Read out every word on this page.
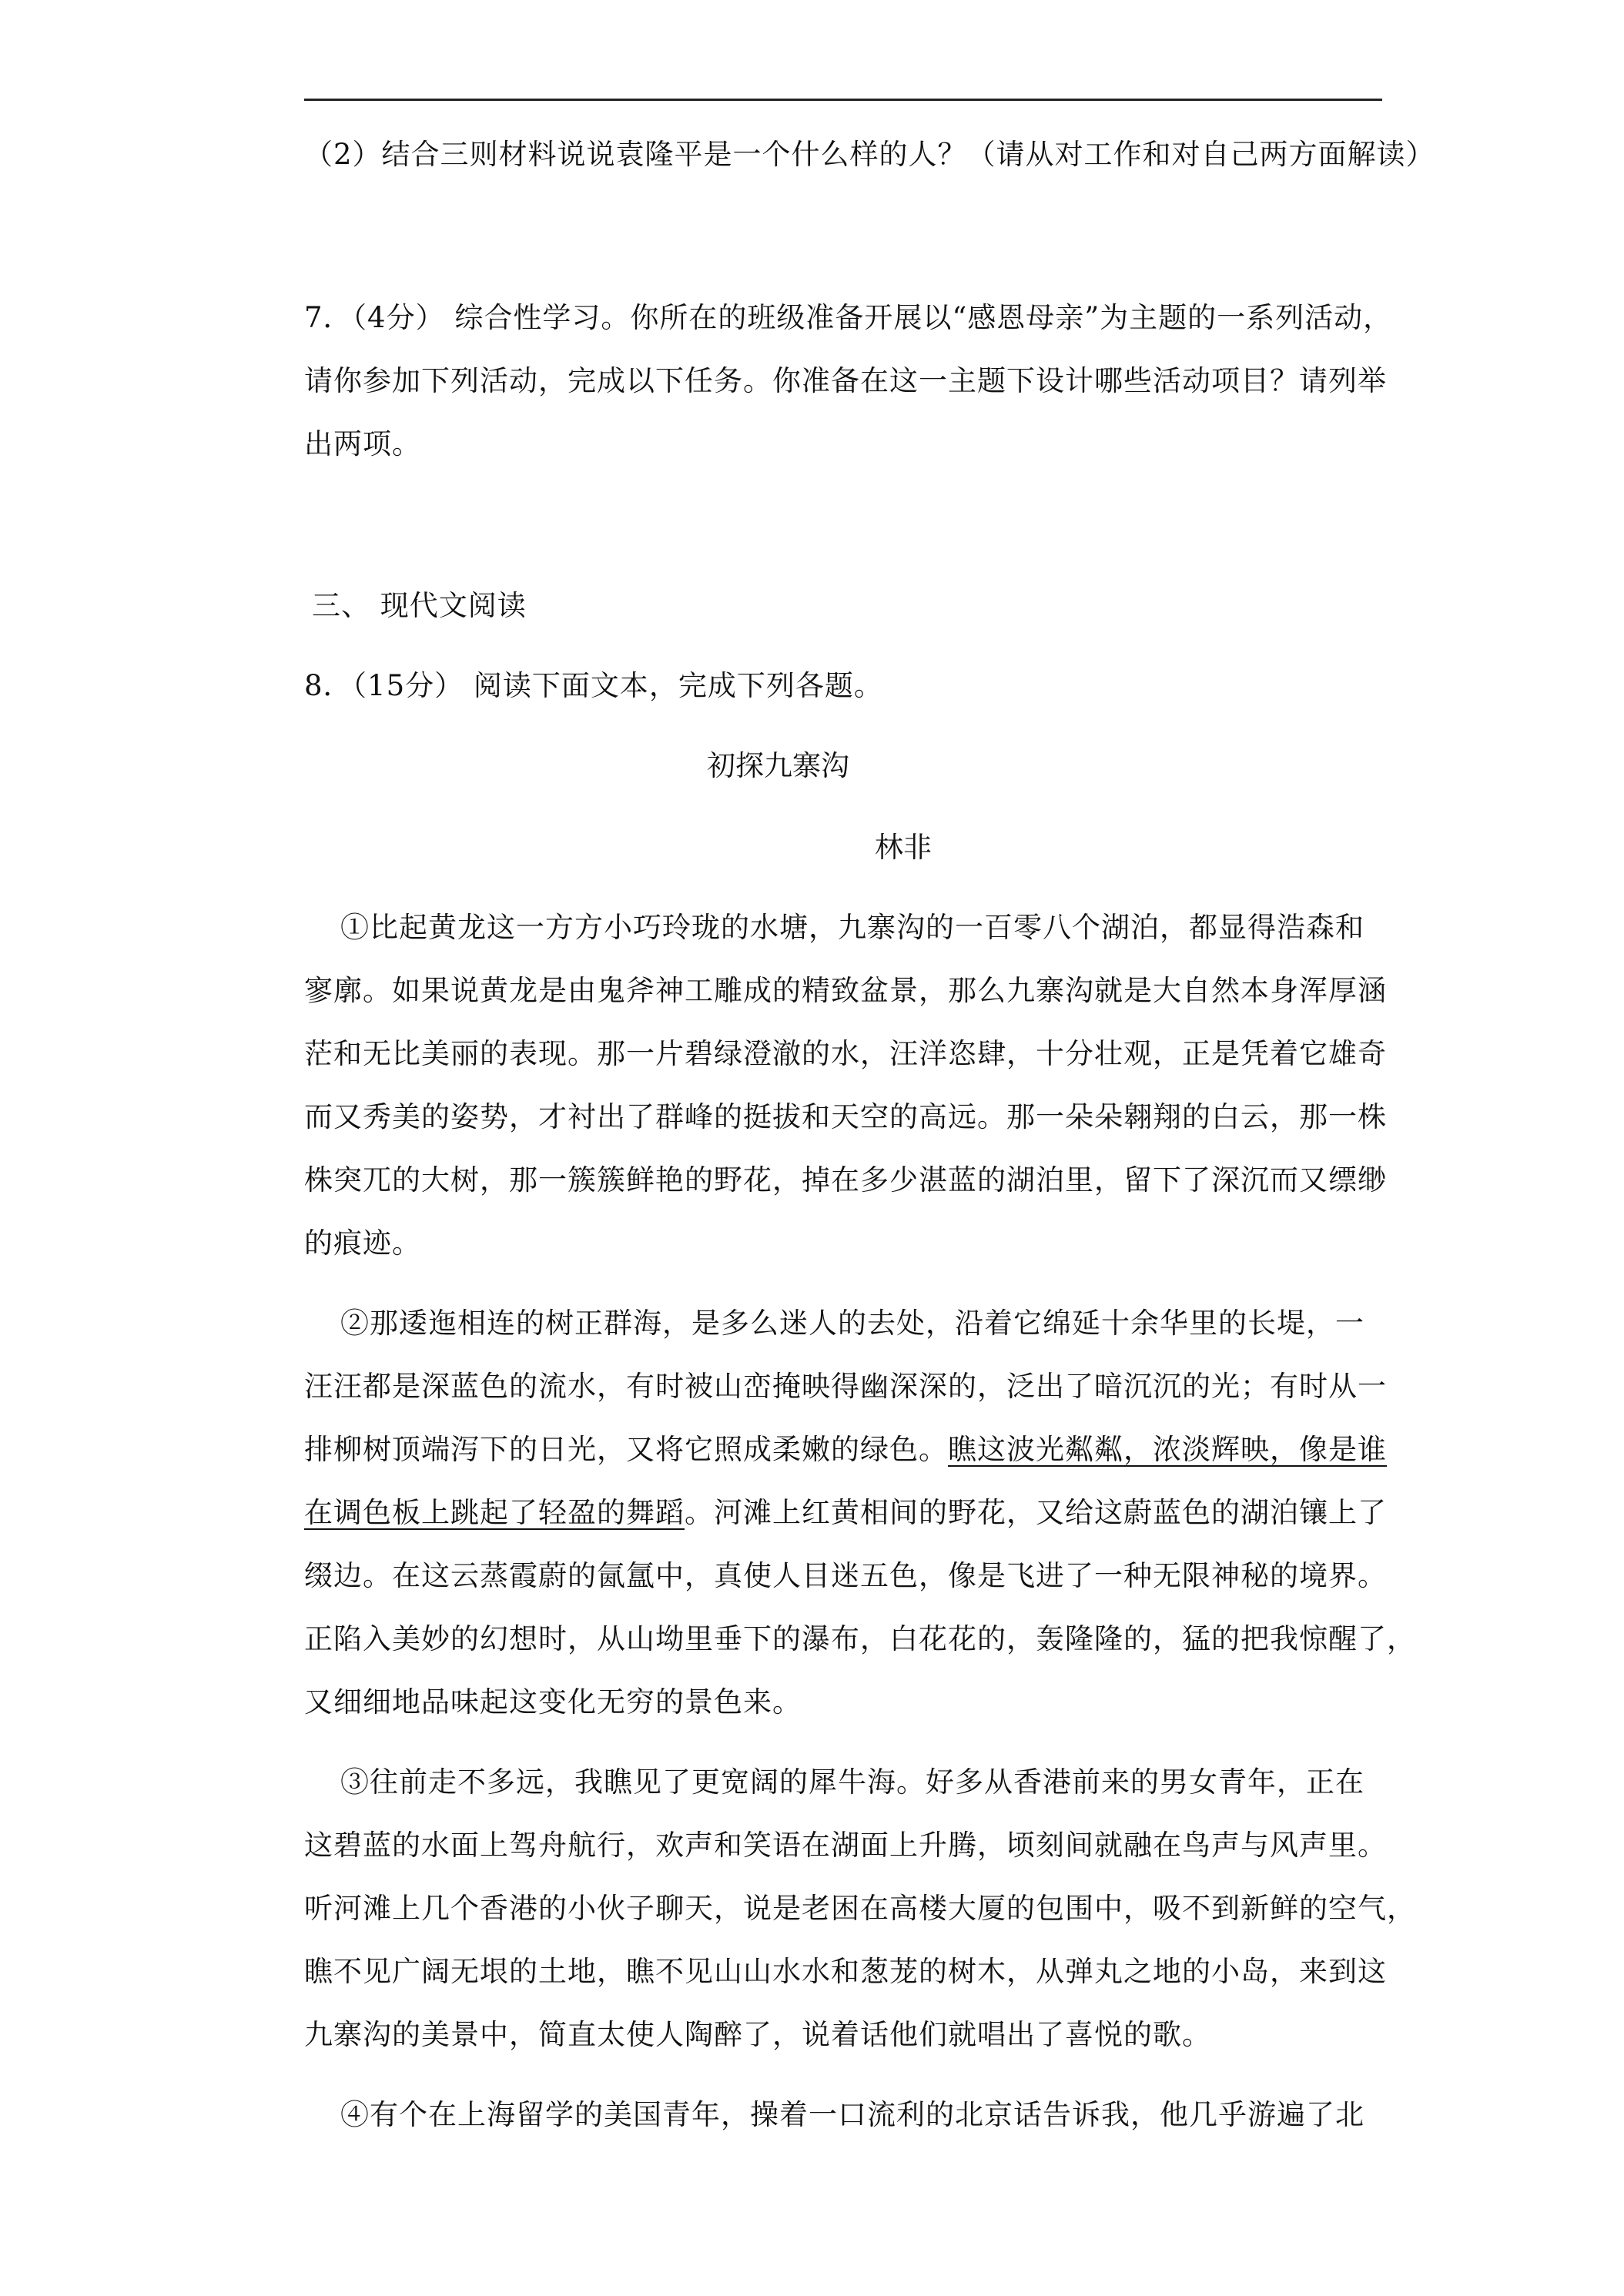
（2）结合三则材料说说袁隆平是一个什么样的人？（请从对工作和对自己两方面解读）
7．（4分） 综合性学习。你所在的班级准备开展以“感恩母亲”为主题的一系列活动，
请你参加下列活动，完成以下任务。你准备在这一主题下设计哪些活动项目？请列举
出两项。
三、 现代文阅读
8．（15分） 阅读下面文本，完成下列各题。
初探九寨沟
林非
①比起黄龙这一方方小巧玲珑的水塘，九寨沟的一百零八个湖泊，都显得浩森和
寥廓。如果说黄龙是由鬼斧神工雕成的精致盆景，那么九寨沟就是大自然本身浑厚涵
茫和无比美丽的表现。那一片碧绿澄澈的水，汪洋恣肆，十分壮观，正是凭着它雄奇
而又秀美的姿势，才衬出了群峰的挺拔和天空的高远。那一朵朵翱翔的白云，那一株
株突兀的大树，那一簇簇鲜艳的野花，掉在多少湛蓝的湖泊里，留下了深沉而又缥缈
的痕迹。
②那逶迤相连的树正群海，是多么迷人的去处，沿着它绵延十余华里的长堤，一
汪汪都是深蓝色的流水，有时被山峦掩映得幽深深的，泛出了暗沉沉的光；有时从一
排柳树顶端泻下的日光，又将它照成柔嫩的绿色。瞧这波光粼粼，浓淡辉映，像是谁
在调色板上跳起了轻盈的舞蹈。河滩上红黄相间的野花，又给这蔚蓝色的湖泊镶上了
缀边。在这云蒸霞蔚的氤氲中，真使人目迷五色，像是飞进了一种无限神秘的境界。
正陷入美妙的幻想时，从山坳里垂下的瀑布，白花花的，轰隆隆的，猛的把我惊醒了，
又细细地品味起这变化无穷的景色来。
③往前走不多远，我瞧见了更宽阔的犀牛海。好多从香港前来的男女青年，正在
这碧蓝的水面上驾舟航行，欢声和笑语在湖面上升腾，顷刻间就融在鸟声与风声里。
听河滩上几个香港的小伙子聊天，说是老困在高楼大厦的包围中，吸不到新鲜的空气，
瞧不见广阔无垠的土地，瞧不见山山水水和葱茏的树木，从弹丸之地的小岛，来到这
九寨沟的美景中，简直太使人陶醉了，说着话他们就唱出了喜悦的歌。
④有个在上海留学的美国青年，操着一口流利的北京话告诉我，他几乎游遍了北
